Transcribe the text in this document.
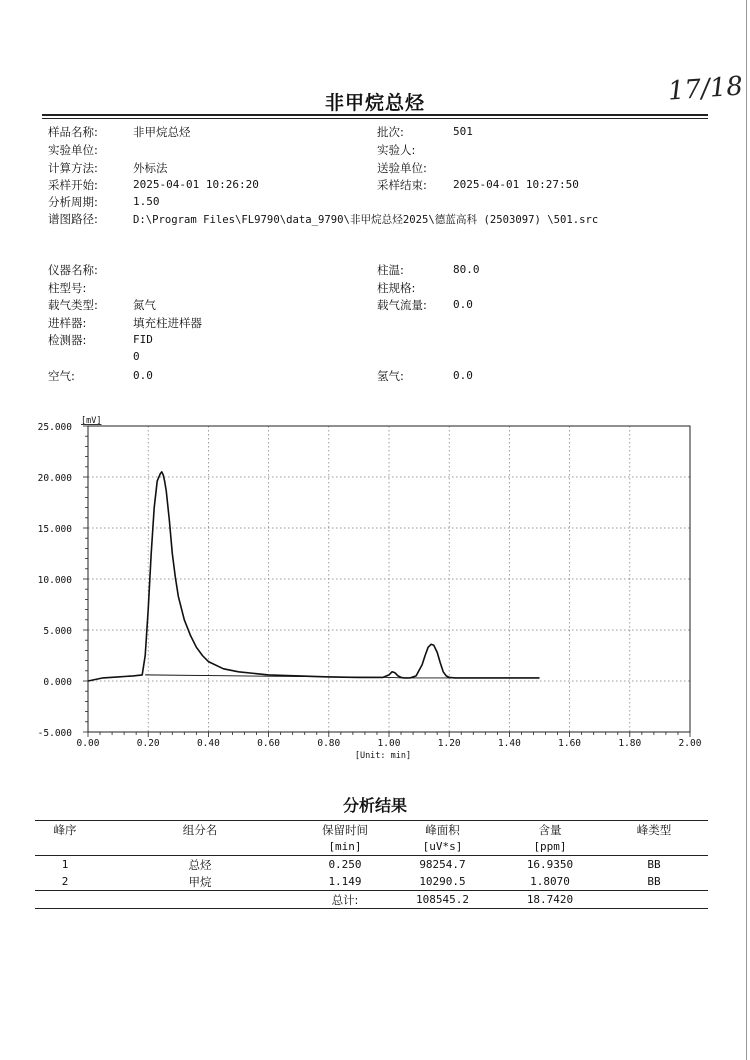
17/18
非甲烷总烃
样品名称:	非甲烷总烃	批次:	501
实验单位:	实验人:
计算方法:	外标法	送验单位:
采样开始:	2025-04-01 10:26:20	采样结束: 2025-04-01 10:27:50
分析周期:	1.50
谱图路径:	D:\Program Files\FL9790\data_9790\非甲烷总烃2025\德蓝高科 (2503097) \501.src
仪器名称:	柱温:	80.0
柱型号:	柱规格:
载气类型:	氮气	载气流量: 0.0
进样器:	填充柱进样器
检测器:	FID
0
空气:	0.0	氢气:	0.0
-5.000
0.000
5.000
10.000
15.000
20.000
25.000
0.00	0.20	0.40	0.60	0.80	1.00	1.20	1.40	1.60	1.80	2.00
[mV]
[Unit: min]
分析结果
峰序	组分名	保留时间	峰面积	含量	峰类型
		[min]	[uV*s]	[ppm]	
1	总烃	0.250	98254.7	16.9350	BB
2	甲烷	1.149	10290.5	1.8070	BB
		总计:	108545.2	18.7420	
